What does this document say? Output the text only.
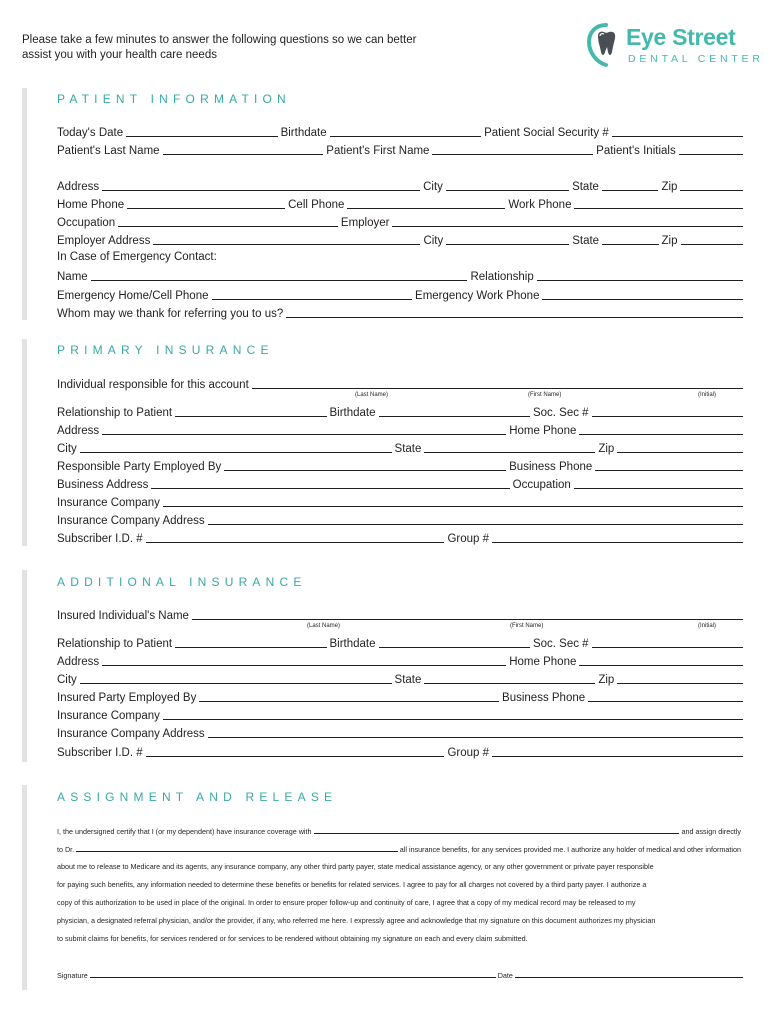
Please take a few minutes to answer the following questions so we can better
assist you with your health care needs
Eye Street
DENTAL CENTER
PATIENT INFORMATION
Today's Date	Birthdate	Patient Social Security #
Patient's Last Name	Patient's First Name	Patient's Initials
Address	City	State	Zip
Home Phone	Cell Phone	Work Phone
Occupation	Employer
Employer Address	City	State	Zip
In Case of Emergency Contact:
Name	Relationship
Emergency Home/Cell Phone	Emergency Work Phone
Whom may we thank for referring you to us?
PRIMARY INSURANCE
Individual responsible for this account
(Last Name)	(First Name)	(Initial)
Relationship to Patient	Birthdate	Soc. Sec #
Address	Home Phone
City	State	Zip
Responsible Party Employed By	Business Phone
Business Address	Occupation
Insurance Company
Insurance Company Address
Subscriber I.D. #	Group #
ADDITIONAL INSURANCE
Insured Individual's Name
(Last Name)	(First Name)	(Initial)
Relationship to Patient	Birthdate	Soc. Sec #
Address	Home Phone
City	State	Zip
Insured Party Employed By	Business Phone
Insurance Company
Insurance Company Address
Subscriber I.D. #	Group #
ASSIGNMENT AND RELEASE
I, the undersigned certify that I (or my dependent) have insurance coverage with	and assign directly
to Dr.	all insurance benefits, for any services provided me. I authorize any holder of medical and other information
about me to release to Medicare and its agents, any insurance company, any other third party payer, state medical assistance agency, or any other government or private payer responsible
for paying such benefits, any information needed to determine these benefits or benefits for related services. I agree to pay for all charges not covered by a third party payer. I authorize a
copy of this authorization to be used in place of the original. In order to ensure proper follow-up and continuity of care, I agree that a copy of my medical record may be released to my
physician, a designated referral physician, and/or the provider, if any, who referred me here. I expressly agree and acknowledge that my signature on this document authorizes my physician
to submit claims for benefits, for services rendered or for services to be rendered without obtaining my signature on each and every claim submitted.
Signature	Date
